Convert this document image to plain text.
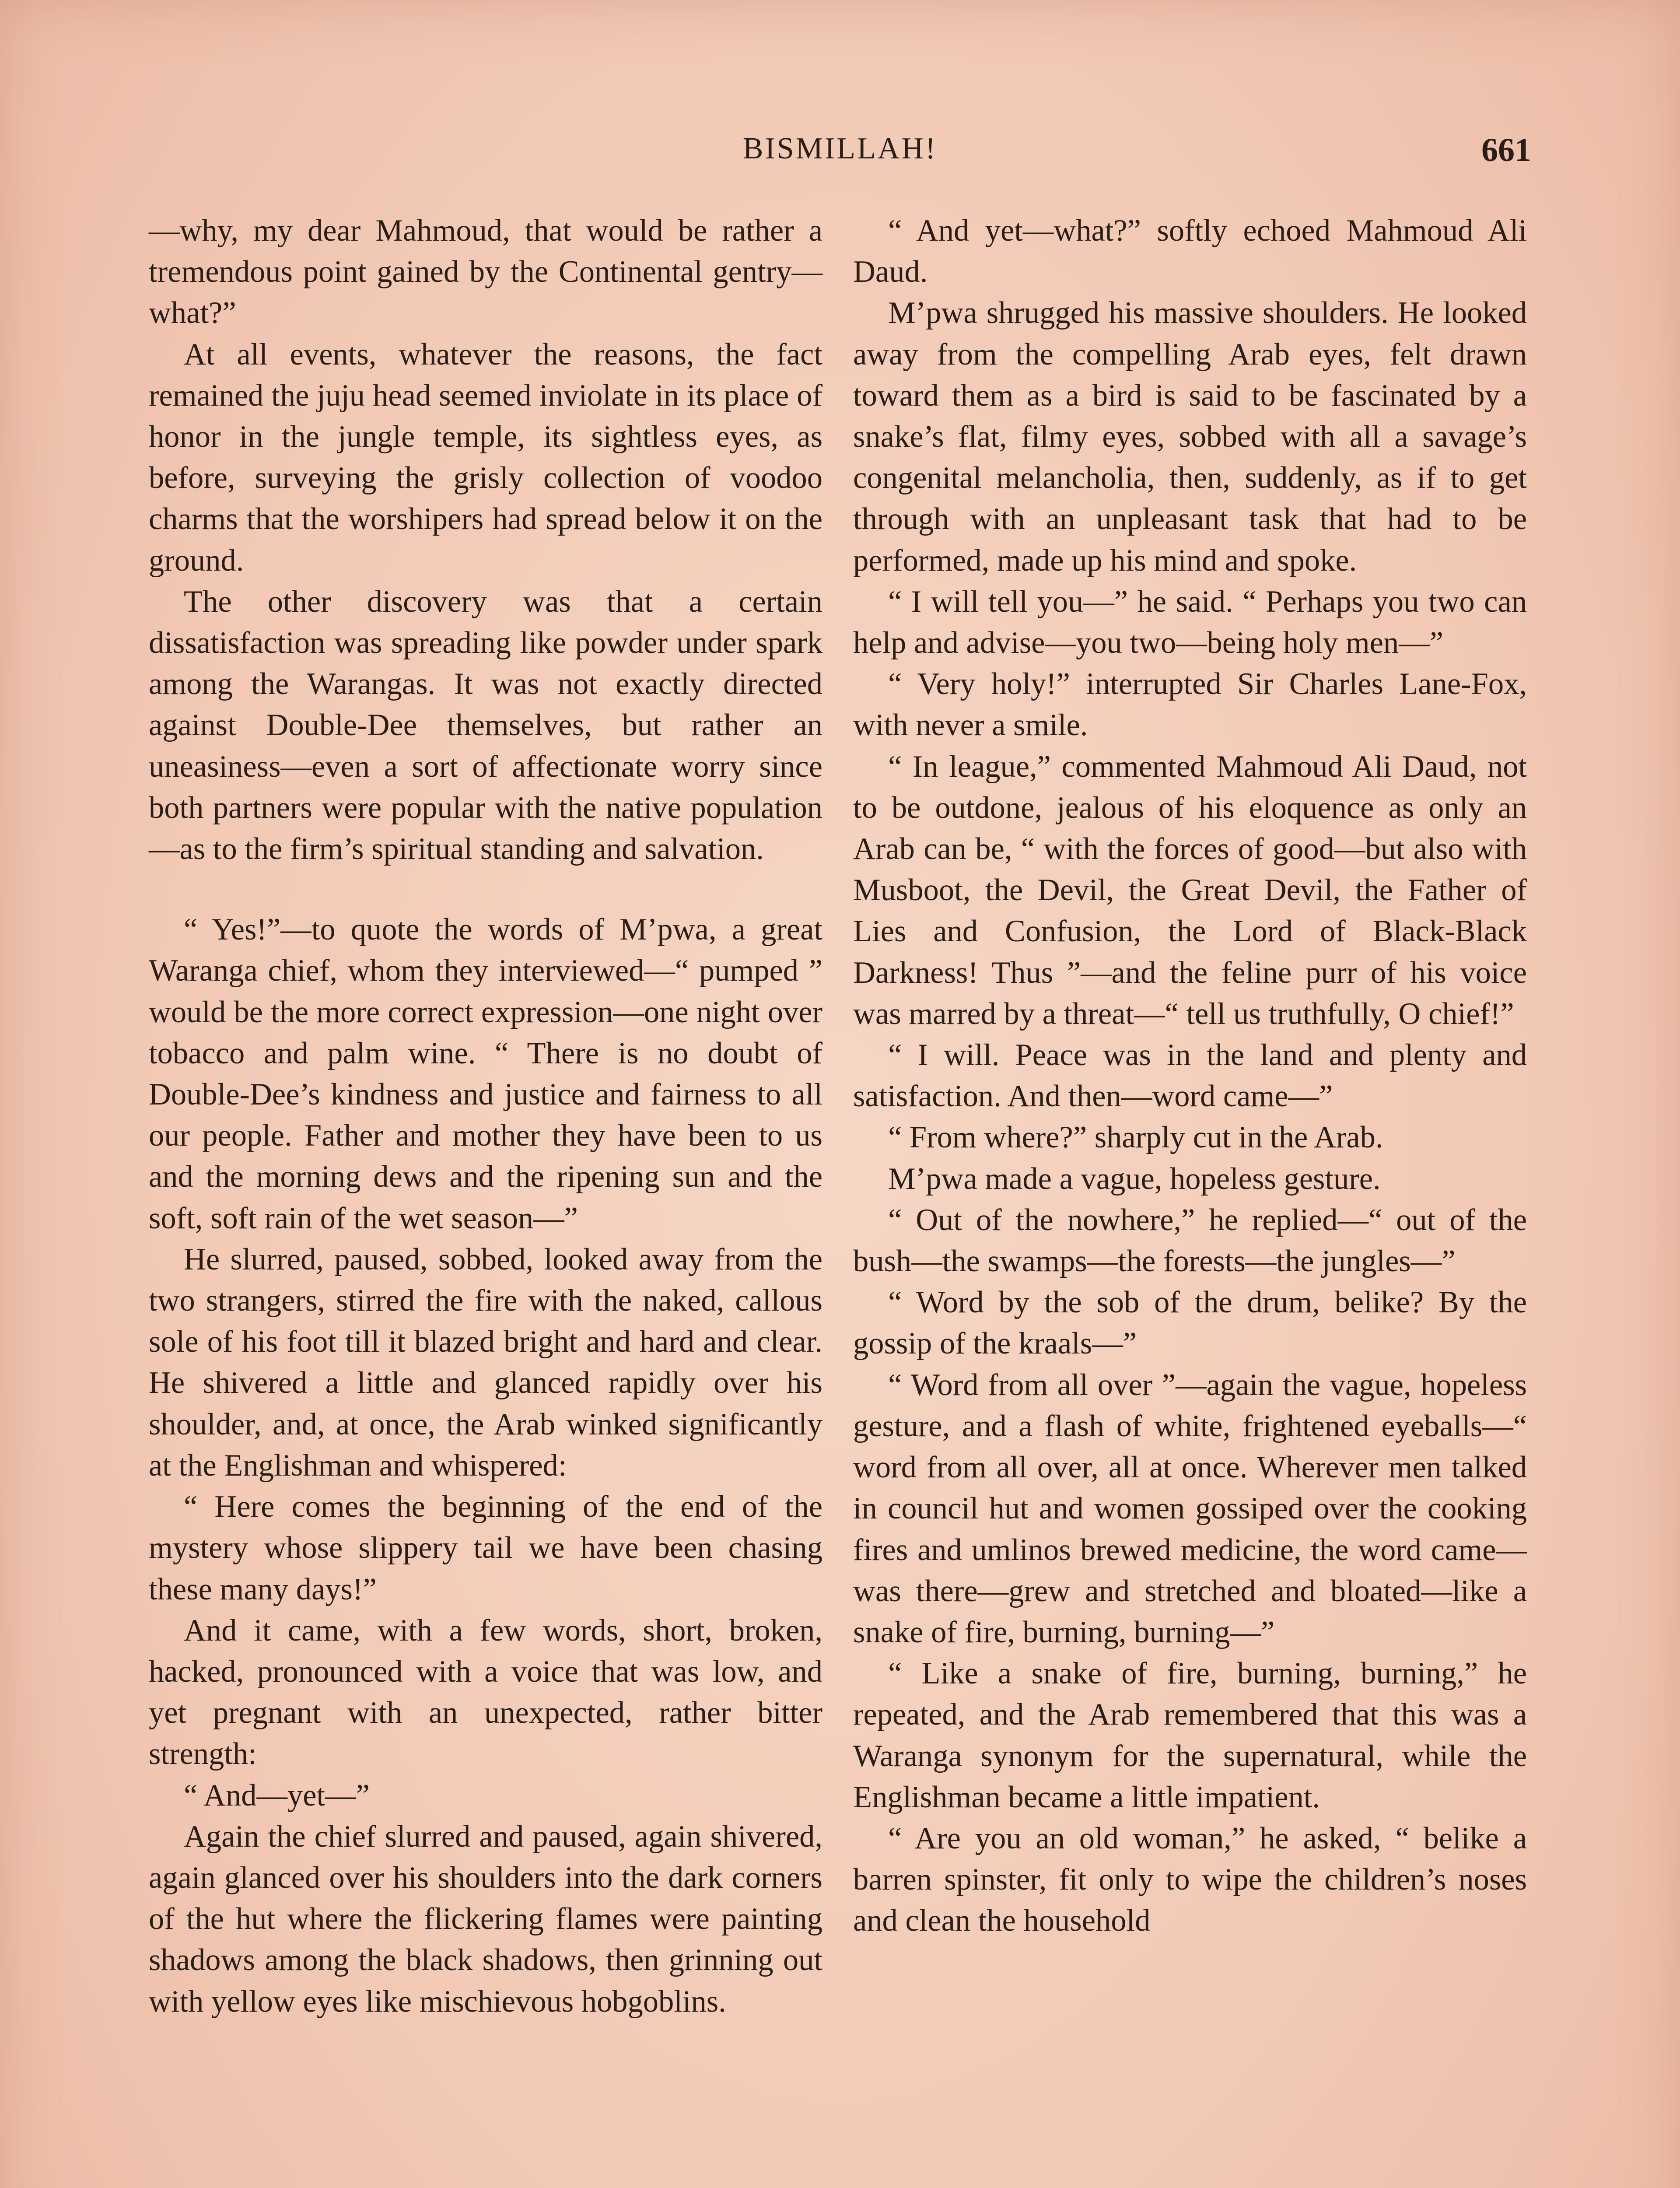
BISMILLAH!	661

—why, my dear Mahmoud, that would be rather a tremendous point gained by the Continental gentry—what?”

At all events, whatever the reasons, the fact remained the juju head seemed inviolate in its place of honor in the jungle temple, its sightless eyes, as before, surveying the grisly collection of voodoo charms that the worshipers had spread below it on the ground.

The other discovery was that a certain dissatisfaction was spreading like powder under spark among the Warangas. It was not exactly directed against Double-Dee themselves, but rather an uneasiness—even a sort of affectionate worry since both partners were popular with the native population—as to the firm’s spiritual standing and salvation.

“ Yes!”—to quote the words of M’pwa, a great Waranga chief, whom they interviewed—“ pumped ” would be the more correct expression—one night over tobacco and palm wine. “ There is no doubt of Double-Dee’s kindness and justice and fairness to all our people. Father and mother they have been to us and the morning dews and the ripening sun and the soft, soft rain of the wet season—”

He slurred, paused, sobbed, looked away from the two strangers, stirred the fire with the naked, callous sole of his foot till it blazed bright and hard and clear. He shivered a little and glanced rapidly over his shoulder, and, at once, the Arab winked significantly at the Englishman and whispered:

“ Here comes the beginning of the end of the mystery whose slippery tail we have been chasing these many days!”

And it came, with a few words, short, broken, hacked, pronounced with a voice that was low, and yet pregnant with an unexpected, rather bitter strength:

“ And—yet—”

Again the chief slurred and paused, again shivered, again glanced over his shoulders into the dark corners of the hut where the flickering flames were painting shadows among the black shadows, then grinning out with yellow eyes like mischievous hobgoblins.

“ And yet—what?” softly echoed Mahmoud Ali Daud.

M’pwa shrugged his massive shoulders. He looked away from the compelling Arab eyes, felt drawn toward them as a bird is said to be fascinated by a snake’s flat, filmy eyes, sobbed with all a savage’s congenital melancholia, then, suddenly, as if to get through with an unpleasant task that had to be performed, made up his mind and spoke.

“ I will tell you—” he said. “ Perhaps you two can help and advise—you two—being holy men—”

“ Very holy!” interrupted Sir Charles Lane-Fox, with never a smile.

“ In league,” commented Mahmoud Ali Daud, not to be outdone, jealous of his eloquence as only an Arab can be, “ with the forces of good—but also with Musboot, the Devil, the Great Devil, the Father of Lies and Confusion, the Lord of Black-Black Darkness! Thus ”—and the feline purr of his voice was marred by a threat—“ tell us truthfully, O chief!”

“ I will. Peace was in the land and plenty and satisfaction. And then—word came—”

“ From where?” sharply cut in the Arab.

M’pwa made a vague, hopeless gesture.

“ Out of the nowhere,” he replied—“ out of the bush—the swamps—the forests—the jungles—”

“ Word by the sob of the drum, belike? By the gossip of the kraals—”

“ Word from all over ”—again the vague, hopeless gesture, and a flash of white, frightened eyeballs—“ word from all over, all at once. Wherever men talked in council hut and women gossiped over the cooking fires and umlinos brewed medicine, the word came—was there—grew and stretched and bloated—like a snake of fire, burning, burning—”

“ Like a snake of fire, burning, burning,” he repeated, and the Arab remembered that this was a Waranga synonym for the supernatural, while the Englishman became a little impatient.

“ Are you an old woman,” he asked, “ belike a barren spinster, fit only to wipe the children’s noses and clean the household
